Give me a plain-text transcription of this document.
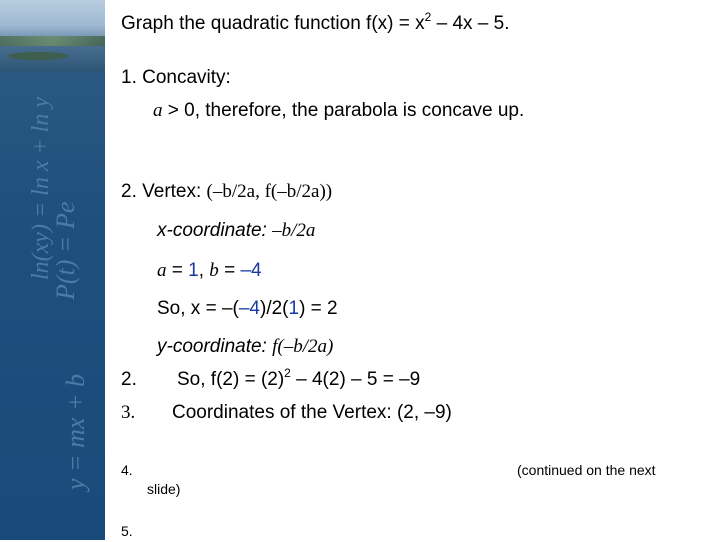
ln(xy) = ln x + ln y
P(t) = Pe
y = mx + b
Graph the quadratic function $f(x) = x^2 - 4x - 5$.
1. Concavity:
a > 0, therefore, the parabola is concave up.
2. Vertex: (–b/2a, f(–b/2a))
x-coordinate: –b/2a
a = 1, b = –4
So, x = –(–4)/2(1) = 2
y-coordinate: f(–b/2a)
2. So, $f(2) = (2)^2 - 4(2) - 5 = -9$
3. Coordinates of the Vertex: (2, –9)
4.	(continued on the next
slide)
5.
